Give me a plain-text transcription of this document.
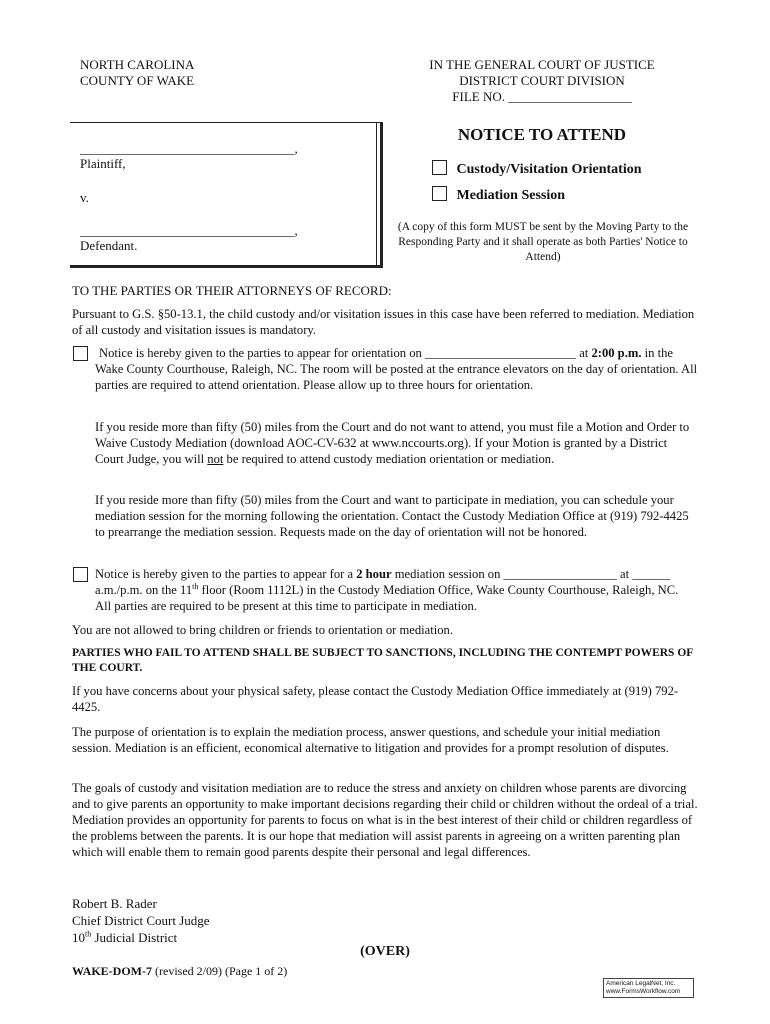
NORTH CAROLINA
COUNTY OF WAKE
IN THE GENERAL COURT OF JUSTICE
DISTRICT COURT DIVISION
FILE NO. ___________________
_________________________________,
Plaintiff,
v.
_________________________________,
Defendant.
NOTICE TO ATTEND
Custody/Visitation Orientation
Mediation Session
(A copy of this form MUST be sent by the Moving Party to the Responding Party and it shall operate as both Parties' Notice to Attend)
TO THE PARTIES OR THEIR ATTORNEYS OF RECORD:

Pursuant to G.S. §50-13.1, the child custody and/or visitation issues in this case have been referred to mediation. Mediation of all custody and visitation issues is mandatory.

Notice is hereby given to the parties to appear for orientation on ________________________ at 2:00 p.m. in the Wake County Courthouse, Raleigh, NC. The room will be posted at the entrance elevators on the day of orientation. All parties are required to attend orientation. Please allow up to three hours for orientation.

If you reside more than fifty (50) miles from the Court and do not want to attend, you must file a Motion and Order to Waive Custody Mediation (download AOC-CV-632 at www.nccourts.org). If your Motion is granted by a District Court Judge, you will not be required to attend custody mediation orientation or mediation.

If you reside more than fifty (50) miles from the Court and want to participate in mediation, you can schedule your mediation session for the morning following the orientation. Contact the Custody Mediation Office at (919) 792-4425 to prearrange the mediation session. Requests made on the day of orientation will not be honored.

Notice is hereby given to the parties to appear for a 2 hour mediation session on __________________ at ______ a.m./p.m. on the 11th floor (Room 1112L) in the Custody Mediation Office, Wake County Courthouse, Raleigh, NC. All parties are required to be present at this time to participate in mediation.

You are not allowed to bring children or friends to orientation or mediation.

PARTIES WHO FAIL TO ATTEND SHALL BE SUBJECT TO SANCTIONS, INCLUDING THE CONTEMPT POWERS OF THE COURT.

If you have concerns about your physical safety, please contact the Custody Mediation Office immediately at (919) 792-4425.

The purpose of orientation is to explain the mediation process, answer questions, and schedule your initial mediation session. Mediation is an efficient, economical alternative to litigation and provides for a prompt resolution of disputes.

The goals of custody and visitation mediation are to reduce the stress and anxiety on children whose parents are divorcing and to give parents an opportunity to make important decisions regarding their child or children without the ordeal of a trial. Mediation provides an opportunity for parents to focus on what is in the best interest of their child or children regardless of the problems between the parents. It is our hope that mediation will assist parents in agreeing on a written parenting plan which will enable them to remain good parents despite their personal and legal differences.

Robert B. Rader
Chief District Court Judge
10th Judicial District
(OVER)
WAKE-DOM-7 (revised 2/09) (Page 1 of 2)
American LegalNet, Inc.
www.FormsWorkflow.com
